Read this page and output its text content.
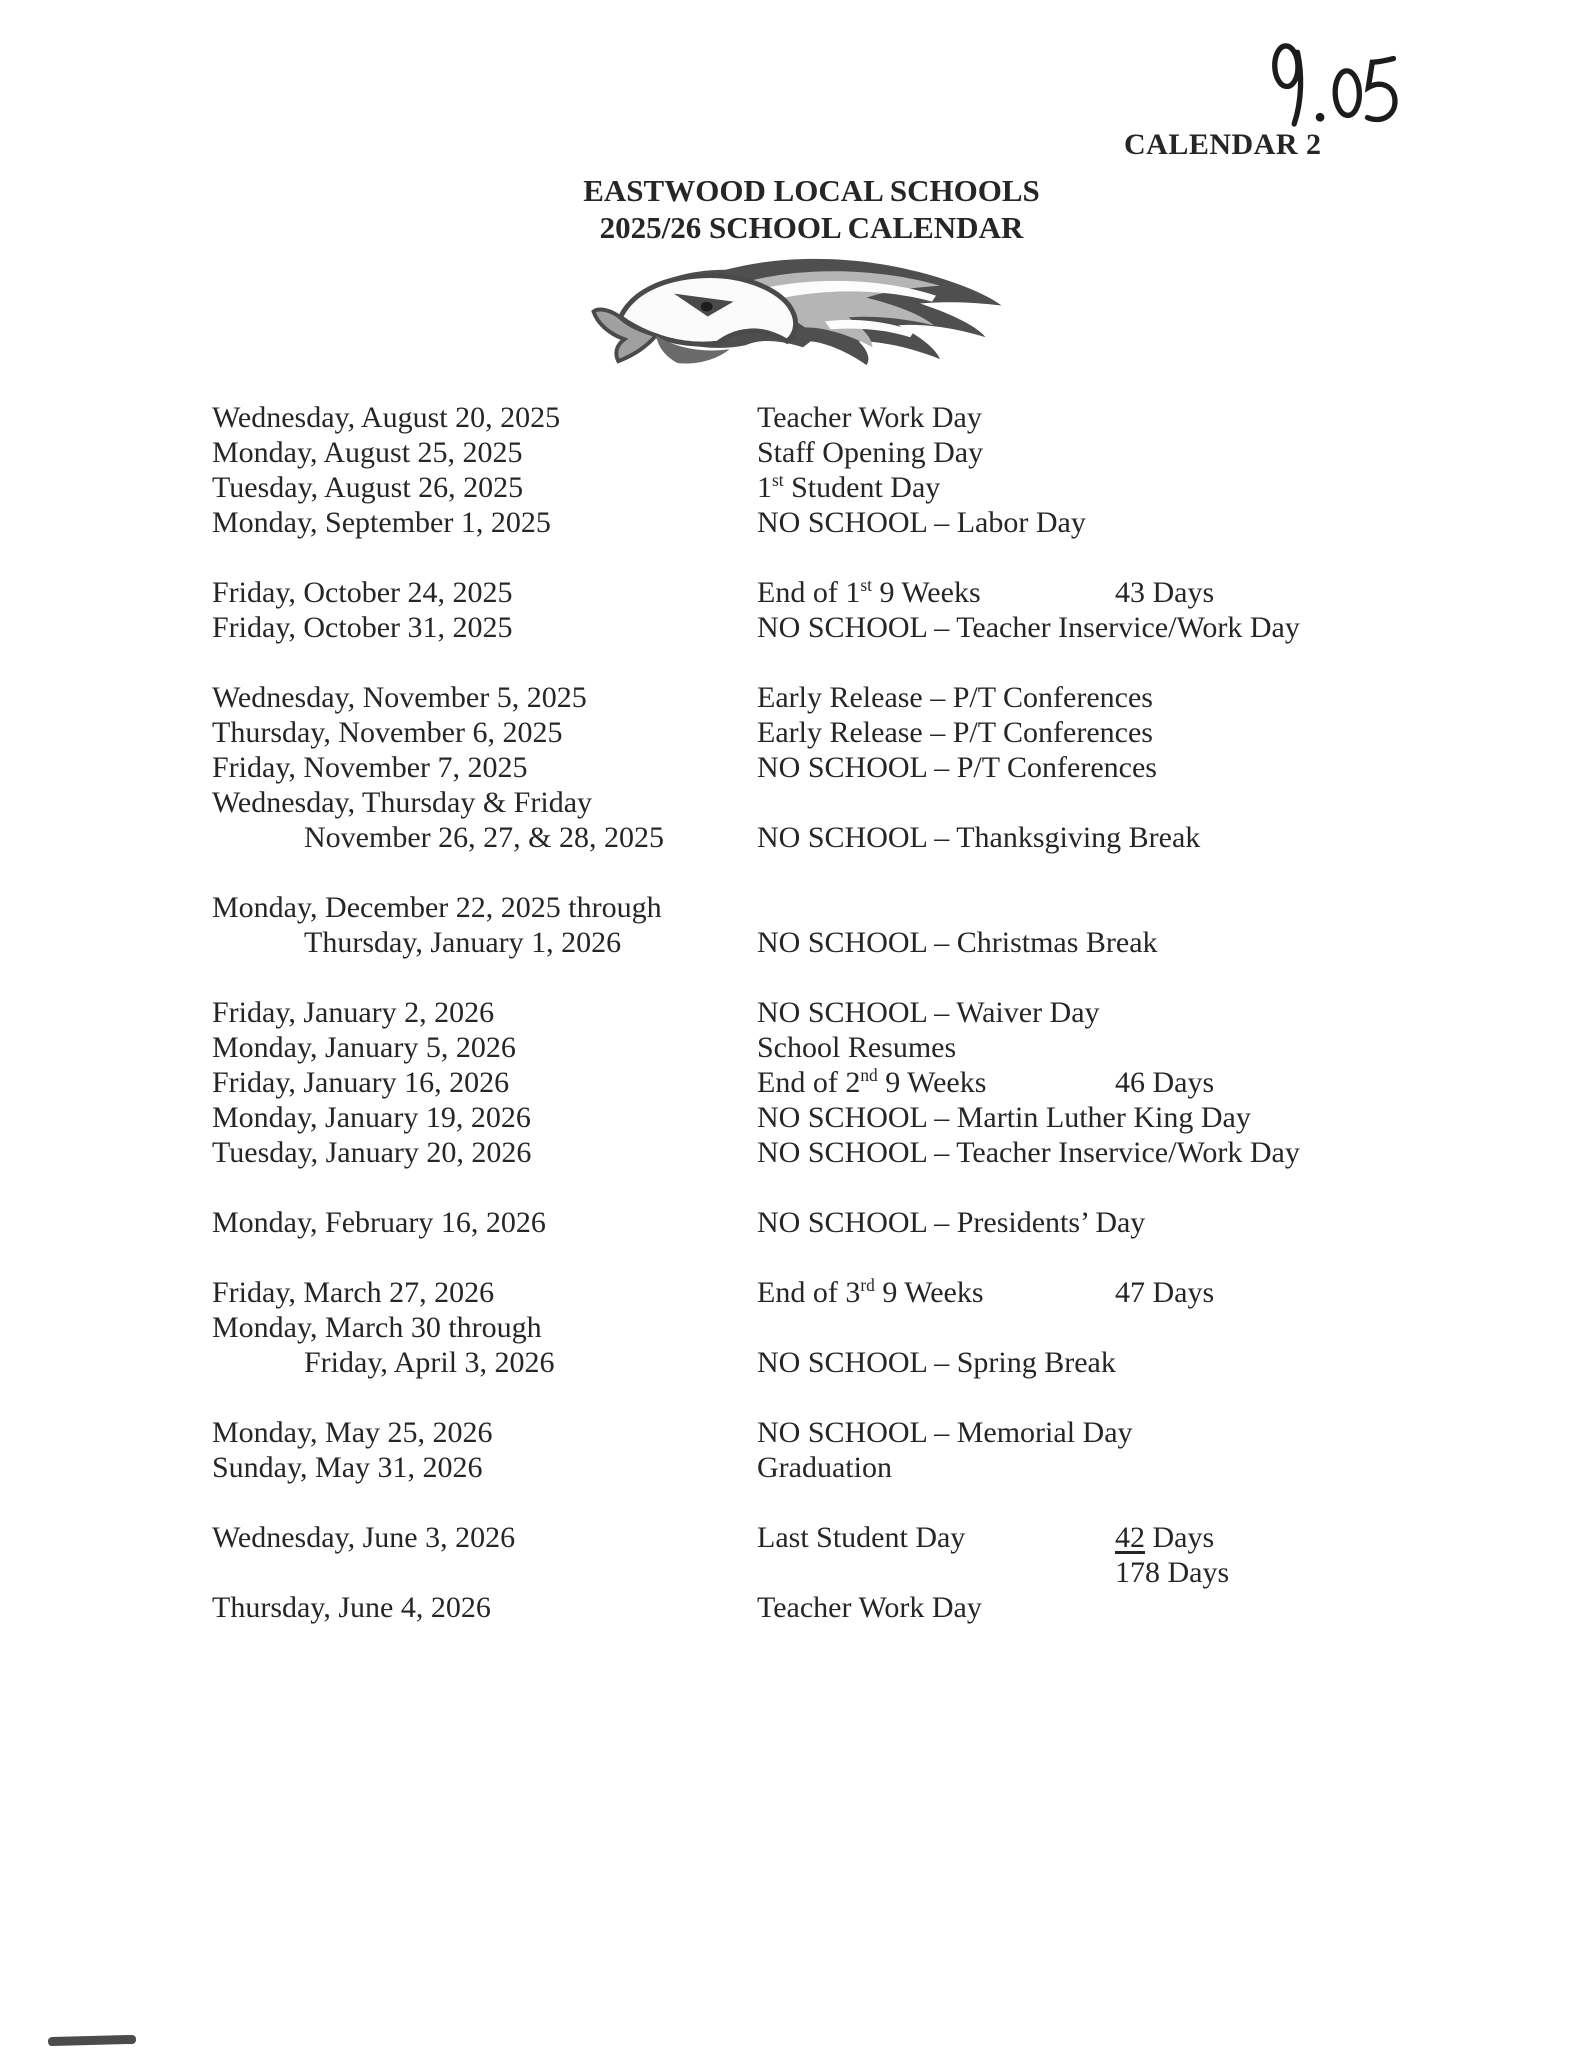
CALENDAR 2
EASTWOOD LOCAL SCHOOLS
2025/26 SCHOOL CALENDAR
Wednesday, August 20, 2025	Teacher Work Day
Monday, August 25, 2025	Staff Opening Day
Tuesday, August 26, 2025	1st Student Day
Monday, September 1, 2025	NO SCHOOL – Labor Day
Friday, October 24, 2025	End of 1st 9 Weeks	43 Days
Friday, October 31, 2025	NO SCHOOL – Teacher Inservice/Work Day
Wednesday, November 5, 2025	Early Release – P/T Conferences
Thursday, November 6, 2025	Early Release – P/T Conferences
Friday, November 7, 2025	NO SCHOOL – P/T Conferences
Wednesday, Thursday & Friday
November 26, 27, & 28, 2025	NO SCHOOL – Thanksgiving Break
Monday, December 22, 2025 through
Thursday, January 1, 2026	NO SCHOOL – Christmas Break
Friday, January 2, 2026	NO SCHOOL – Waiver Day
Monday, January 5, 2026	School Resumes
Friday, January 16, 2026	End of 2nd 9 Weeks	46 Days
Monday, January 19, 2026	NO SCHOOL – Martin Luther King Day
Tuesday, January 20, 2026	NO SCHOOL – Teacher Inservice/Work Day
Monday, February 16, 2026	NO SCHOOL – Presidents’ Day
Friday, March 27, 2026	End of 3rd 9 Weeks	47 Days
Monday, March 30 through
Friday, April 3, 2026	NO SCHOOL – Spring Break
Monday, May 25, 2026	NO SCHOOL – Memorial Day
Sunday, May 31, 2026	Graduation
Wednesday, June 3, 2026	Last Student Day	42 Days
178 Days
Thursday, June 4, 2026	Teacher Work Day
